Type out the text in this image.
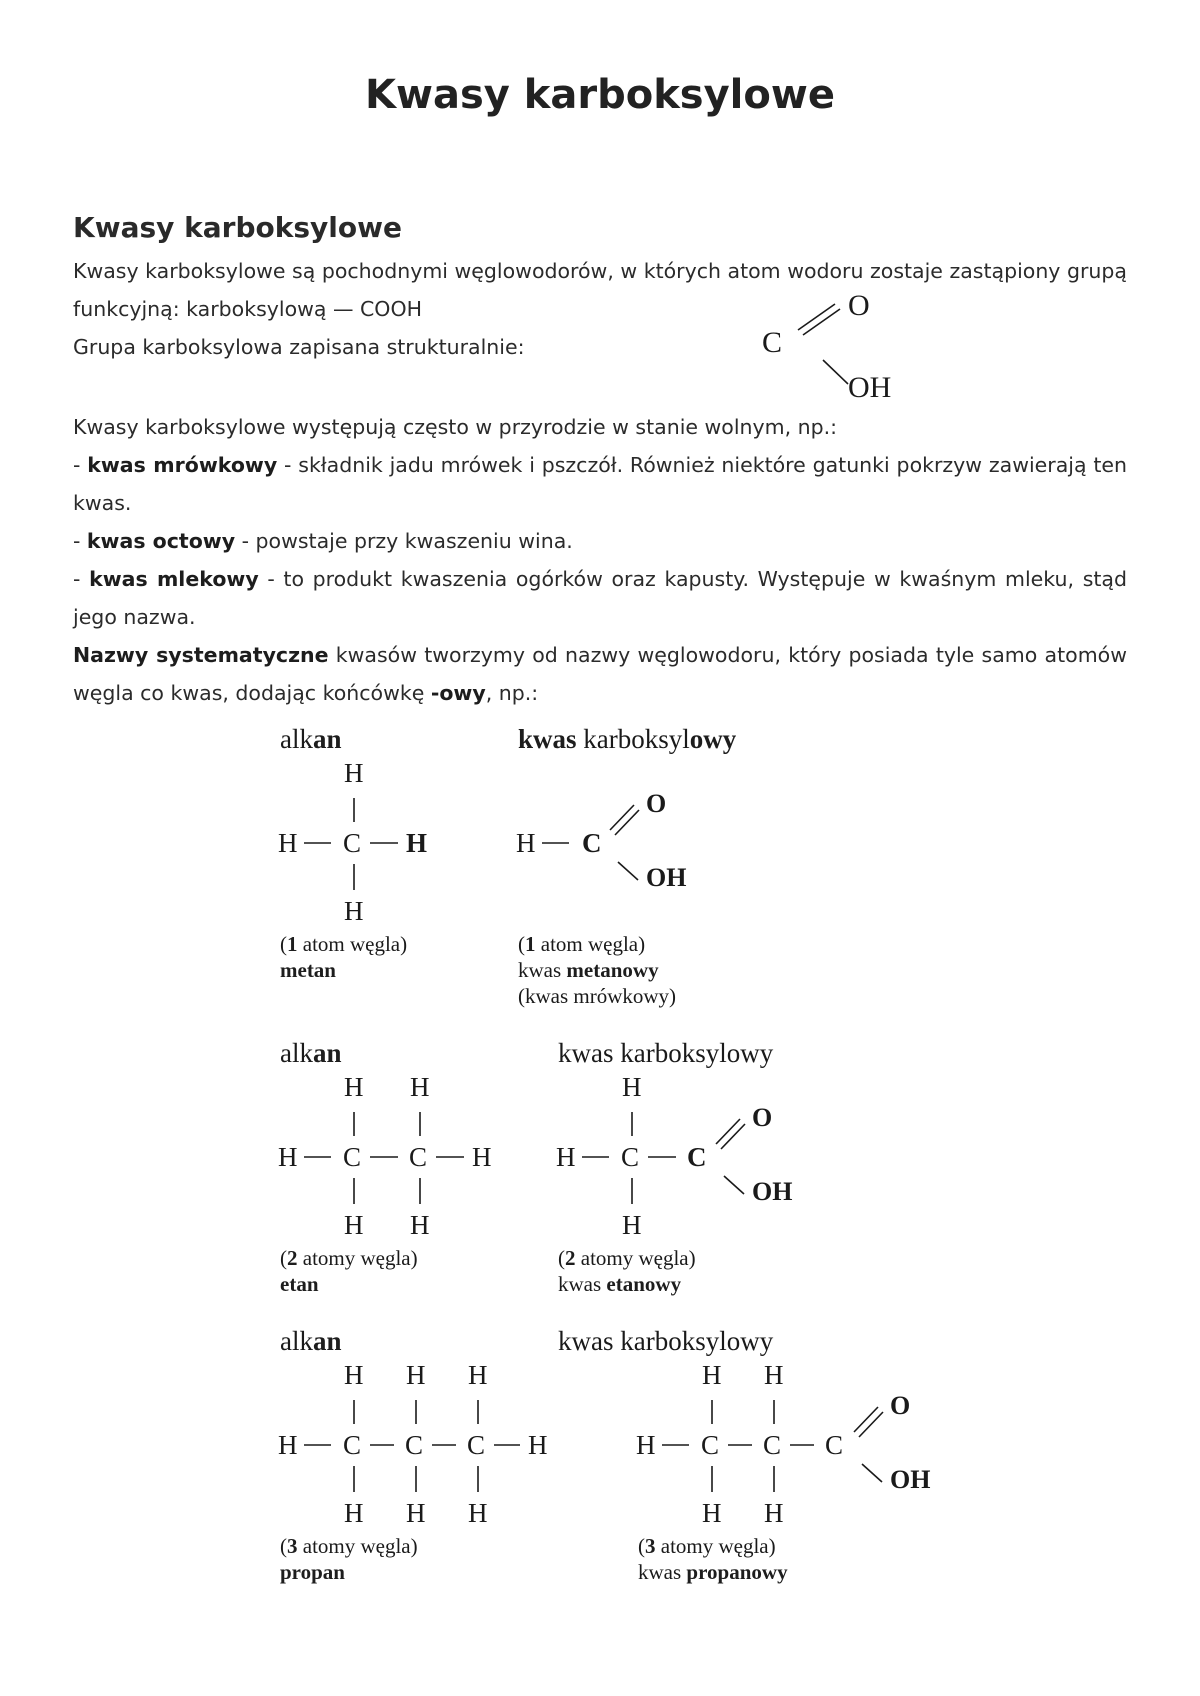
Kwasy karboksylowe
Kwasy karboksylowe

Kwasy karboksylowe są pochodnymi węglowodorów, w których atom wodoru zostaje zastąpiony grupą funkcyjną: karboksylową — COOH
Grupa karboksylowa zapisana strukturalnie:	C
O
OH

Kwasy karboksylowe występują często w przyrodzie w stanie wolnym, np.:

- kwas mrówkowy - składnik jadu mrówek i pszczół. Również niektóre gatunki pokrzyw zawierają ten kwas.

- kwas octowy - powstaje przy kwaszeniu wina.

- kwas mlekowy - to produkt kwaszenia ogórków oraz kapusty. Występuje w kwaśnym mleku, stąd jego nazwa.

Nazwy systematyczne kwasów tworzymy od nazwy węglowodoru, który posiada tyle samo atomów węgla co kwas, dodając końcówkę -owy, np.:

alkan	kwas karboksylowy
H
H C H
H
H C
O
OH
(1 atom węgla)
metan
(1 atom węgla)
kwas metanowy
(kwas mrówkowy)
alkan	kwas karboksylowy
H H
H C C H
H H
H
H C C
O
OH
H
(2 atomy węgla)
etan
(2 atomy węgla)
kwas etanowy
alkan	kwas karboksylowy
H H H
H C C C H
H H H
H H
H C C C
O
OH
H H
(3 atomy węgla)
propan
(3 atomy węgla)
kwas propanowy
